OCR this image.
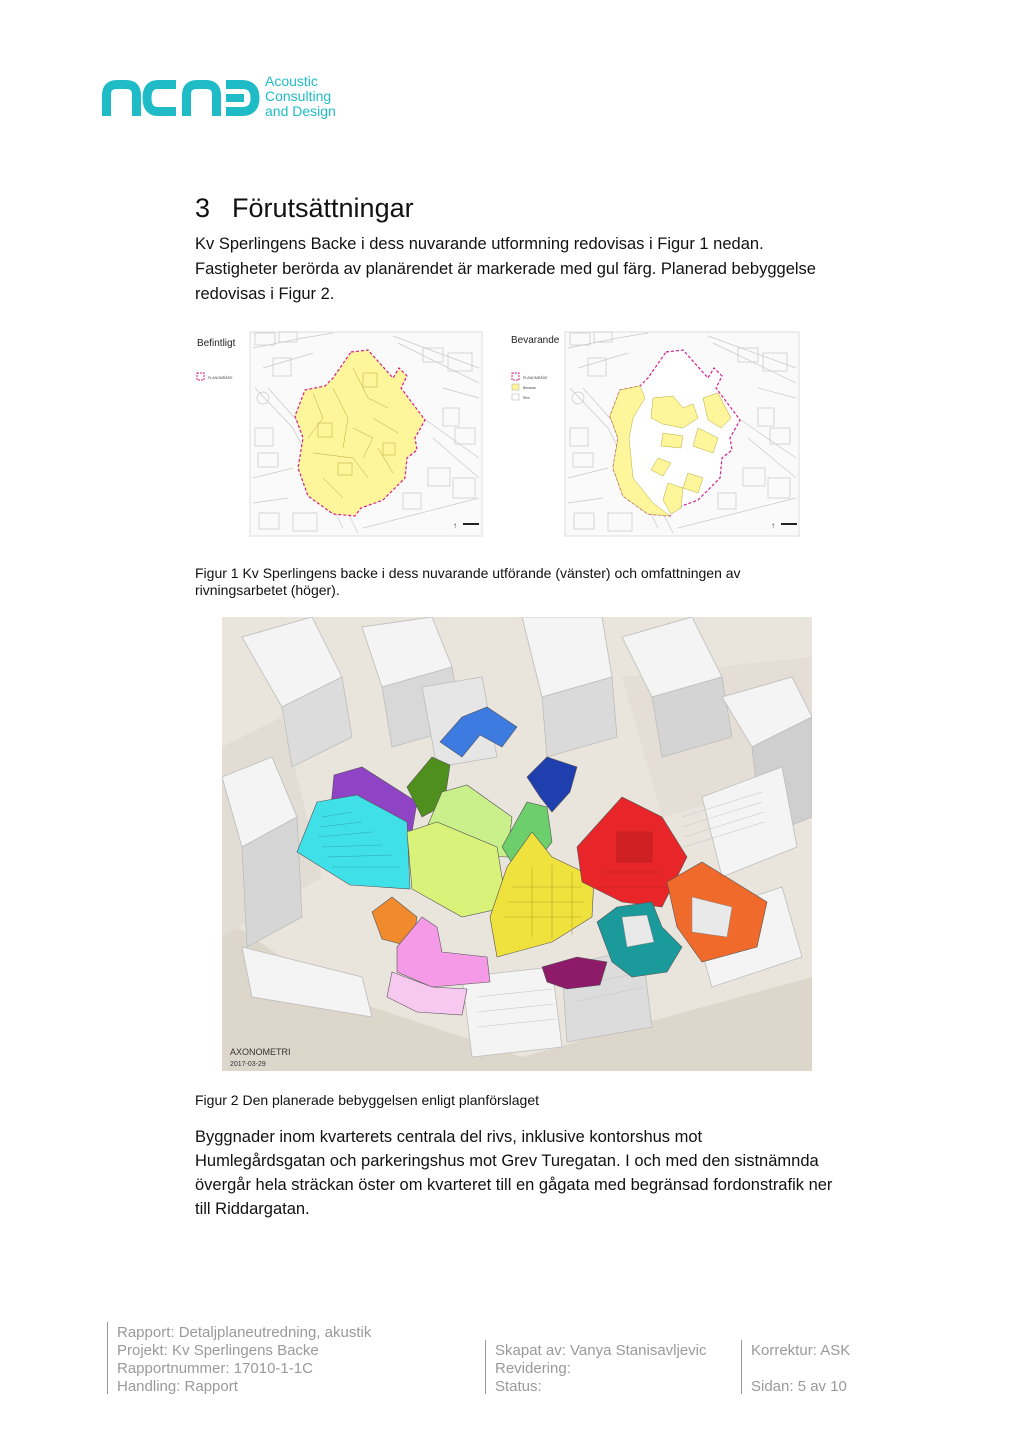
Acoustic
Consulting
and Design
3 Förutsättningar

Kv Sperlingens Backe i dess nuvarande utformning redovisas i Figur 1 nedan. Fastigheter berörda av planärendet är markerade med gul färg. Planerad bebyggelse redovisas i Figur 2.

Befintligt
PLANOMRÅDE
↑
Bevarande
PLANOMRÅDE
Bevaras
Rivs
↑

Figur 1 Kv Sperlingens backe i dess nuvarande utförande (vänster) och omfattningen av rivningsarbetet (höger).

AXONOMETRI
2017-03-29

Figur 2 Den planerade bebyggelsen enligt planförslaget

Byggnader inom kvarterets centrala del rivs, inklusive kontorshus mot Humlegårdsgatan och parkeringshus mot Grev Turegatan. I och med den sistnämnda övergår hela sträckan öster om kvarteret till en gågata med begränsad fordonstrafik ner till Riddargatan.

Rapport: Detaljplaneutredning, akustik
Projekt: Kv Sperlingens Backe
Rapportnummer: 17010-1-1C
Handling: Rapport
Skapat av: Vanya Stanisavljevic
Revidering:
Status:
Korrektur: ASK
Sidan: 5 av 10
